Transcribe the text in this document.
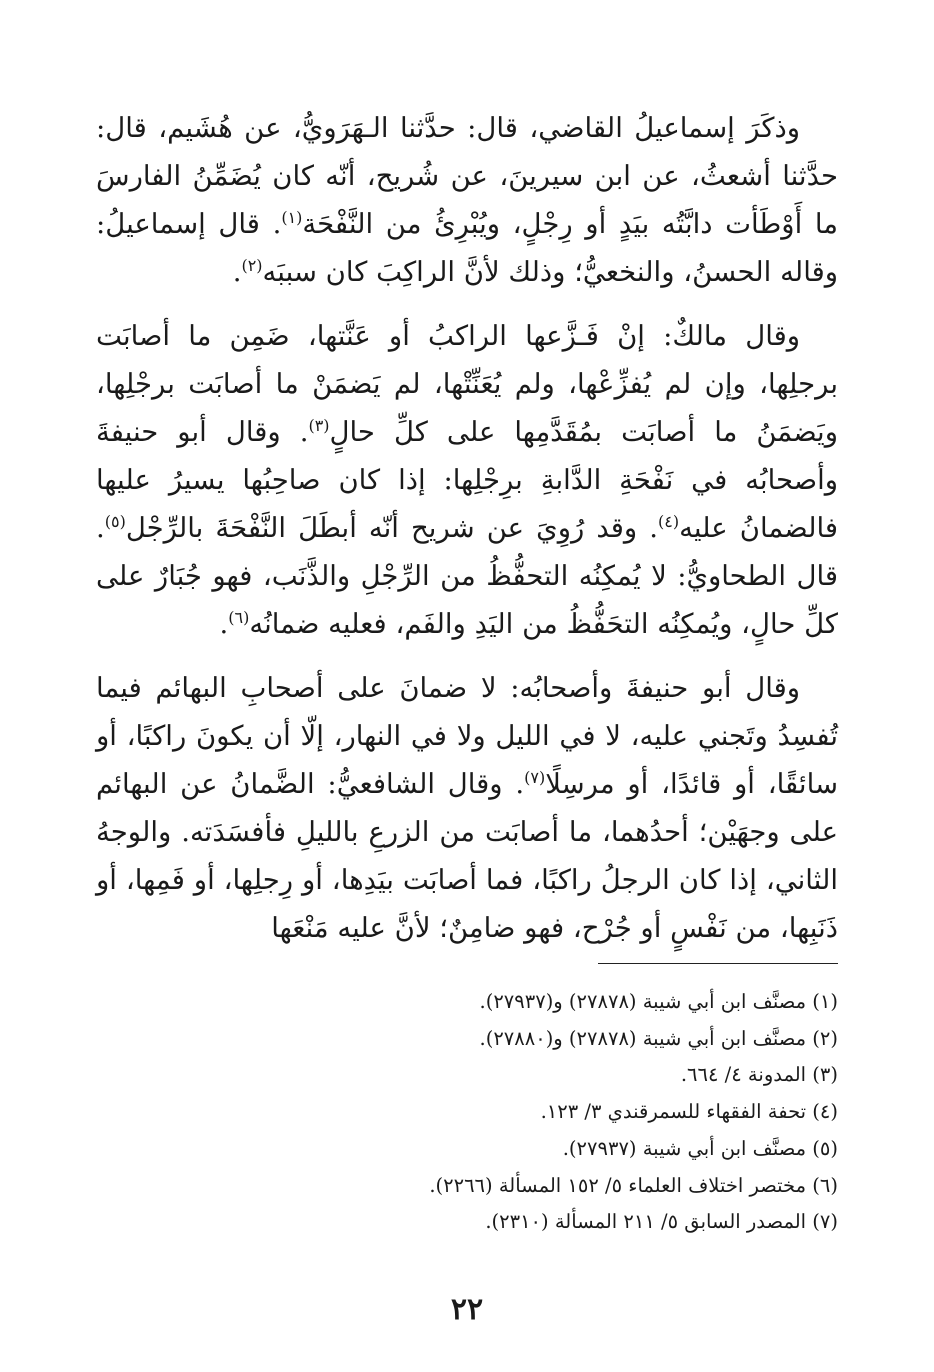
وذكَرَ إسماعيلُ القاضي، قال: حدَّثنا الـهَرَويُّ، عن هُشَيم، قال: حدَّثنا أشعثُ، عن ابن سيرينَ، عن شُريح، أنّه كان يُضَمِّنُ الفارسَ ما أَوْطَأت دابَّتُه بيَدٍ أو رِجْلٍ، ويُبْرِئُ من النَّفْحَة$^{(١)}$. قال إسماعيلُ: وقاله الحسنُ، والنخعيُّ؛ وذلك لأنَّ الراكِبَ كان سببَه$^{(٢)}$.

وقال مالكٌ: إنْ فَـزَّعها الراكبُ أو عَنَّتها، ضَمِن ما أصابَت برجلِها، وإن لم يُفزِّعْها، ولم يُعَنِّتْها، لم يَضمَنْ ما أصابَت برجْلِها، ويَضمَنُ ما أصابَت بمُقَدَّمِها على كلِّ حالٍ$^{(٣)}$. وقال أبو حنيفةَ وأصحابُه في نَفْحَةِ الدَّابةِ برِجْلِها: إذا كان صاحِبُها يسيرُ عليها فالضمانُ عليه$^{(٤)}$. وقد رُوِيَ عن شريح أنّه أبطَلَ النَّفْحَةَ بالرِّجْل$^{(٥)}$. قال الطحاويُّ: لا يُمكِنُه التحفُّظُ من الرِّجْلِ والذَّنَب، فهو جُبَارٌ على كلِّ حالٍ، ويُمكِنُه التحَفُّظُ من اليَدِ والفَم، فعليه ضمانُه$^{(٦)}$.

وقال أبو حنيفةَ وأصحابُه: لا ضمانَ على أصحابِ البهائم فيما تُفسِدُ وتَجني عليه، لا في الليل ولا في النهار، إلّا أن يكونَ راكبًا، أو سائقًا، أو قائدًا، أو مرسِلًا$^{(٧)}$. وقال الشافعيُّ: الضَّمانُ عن البهائم على وجهَيْن؛ أحدُهما، ما أصابَت من الزرعِ بالليلِ فأفسَدَته. والوجهُ الثاني، إذا كان الرجلُ راكبًا، فما أصابَت بيَدِها، أو رِجلِها، أو فَمِها، أو ذَنَبِها، من نَفْسٍ أو جُرْح، فهو ضامِنٌ؛ لأنَّ عليه مَنْعَها

(١) مصنَّف ابن أبي شيبة (٢٧٨٧٨) و(٢٧٩٣٧).

(٢) مصنَّف ابن أبي شيبة (٢٧٨٧٨) و(٢٧٨٨٠).

(٣) المدونة ٤/ ٦٦٤.

(٤) تحفة الفقهاء للسمرقندي ٣/ ١٢٣.

(٥) مصنَّف ابن أبي شيبة (٢٧٩٣٧).

(٦) مختصر اختلاف العلماء ٥/ ١٥٢ المسألة (٢٢٦٦).

(٧) المصدر السابق ٥/ ٢١١ المسألة (٢٣١٠).

٢٢
